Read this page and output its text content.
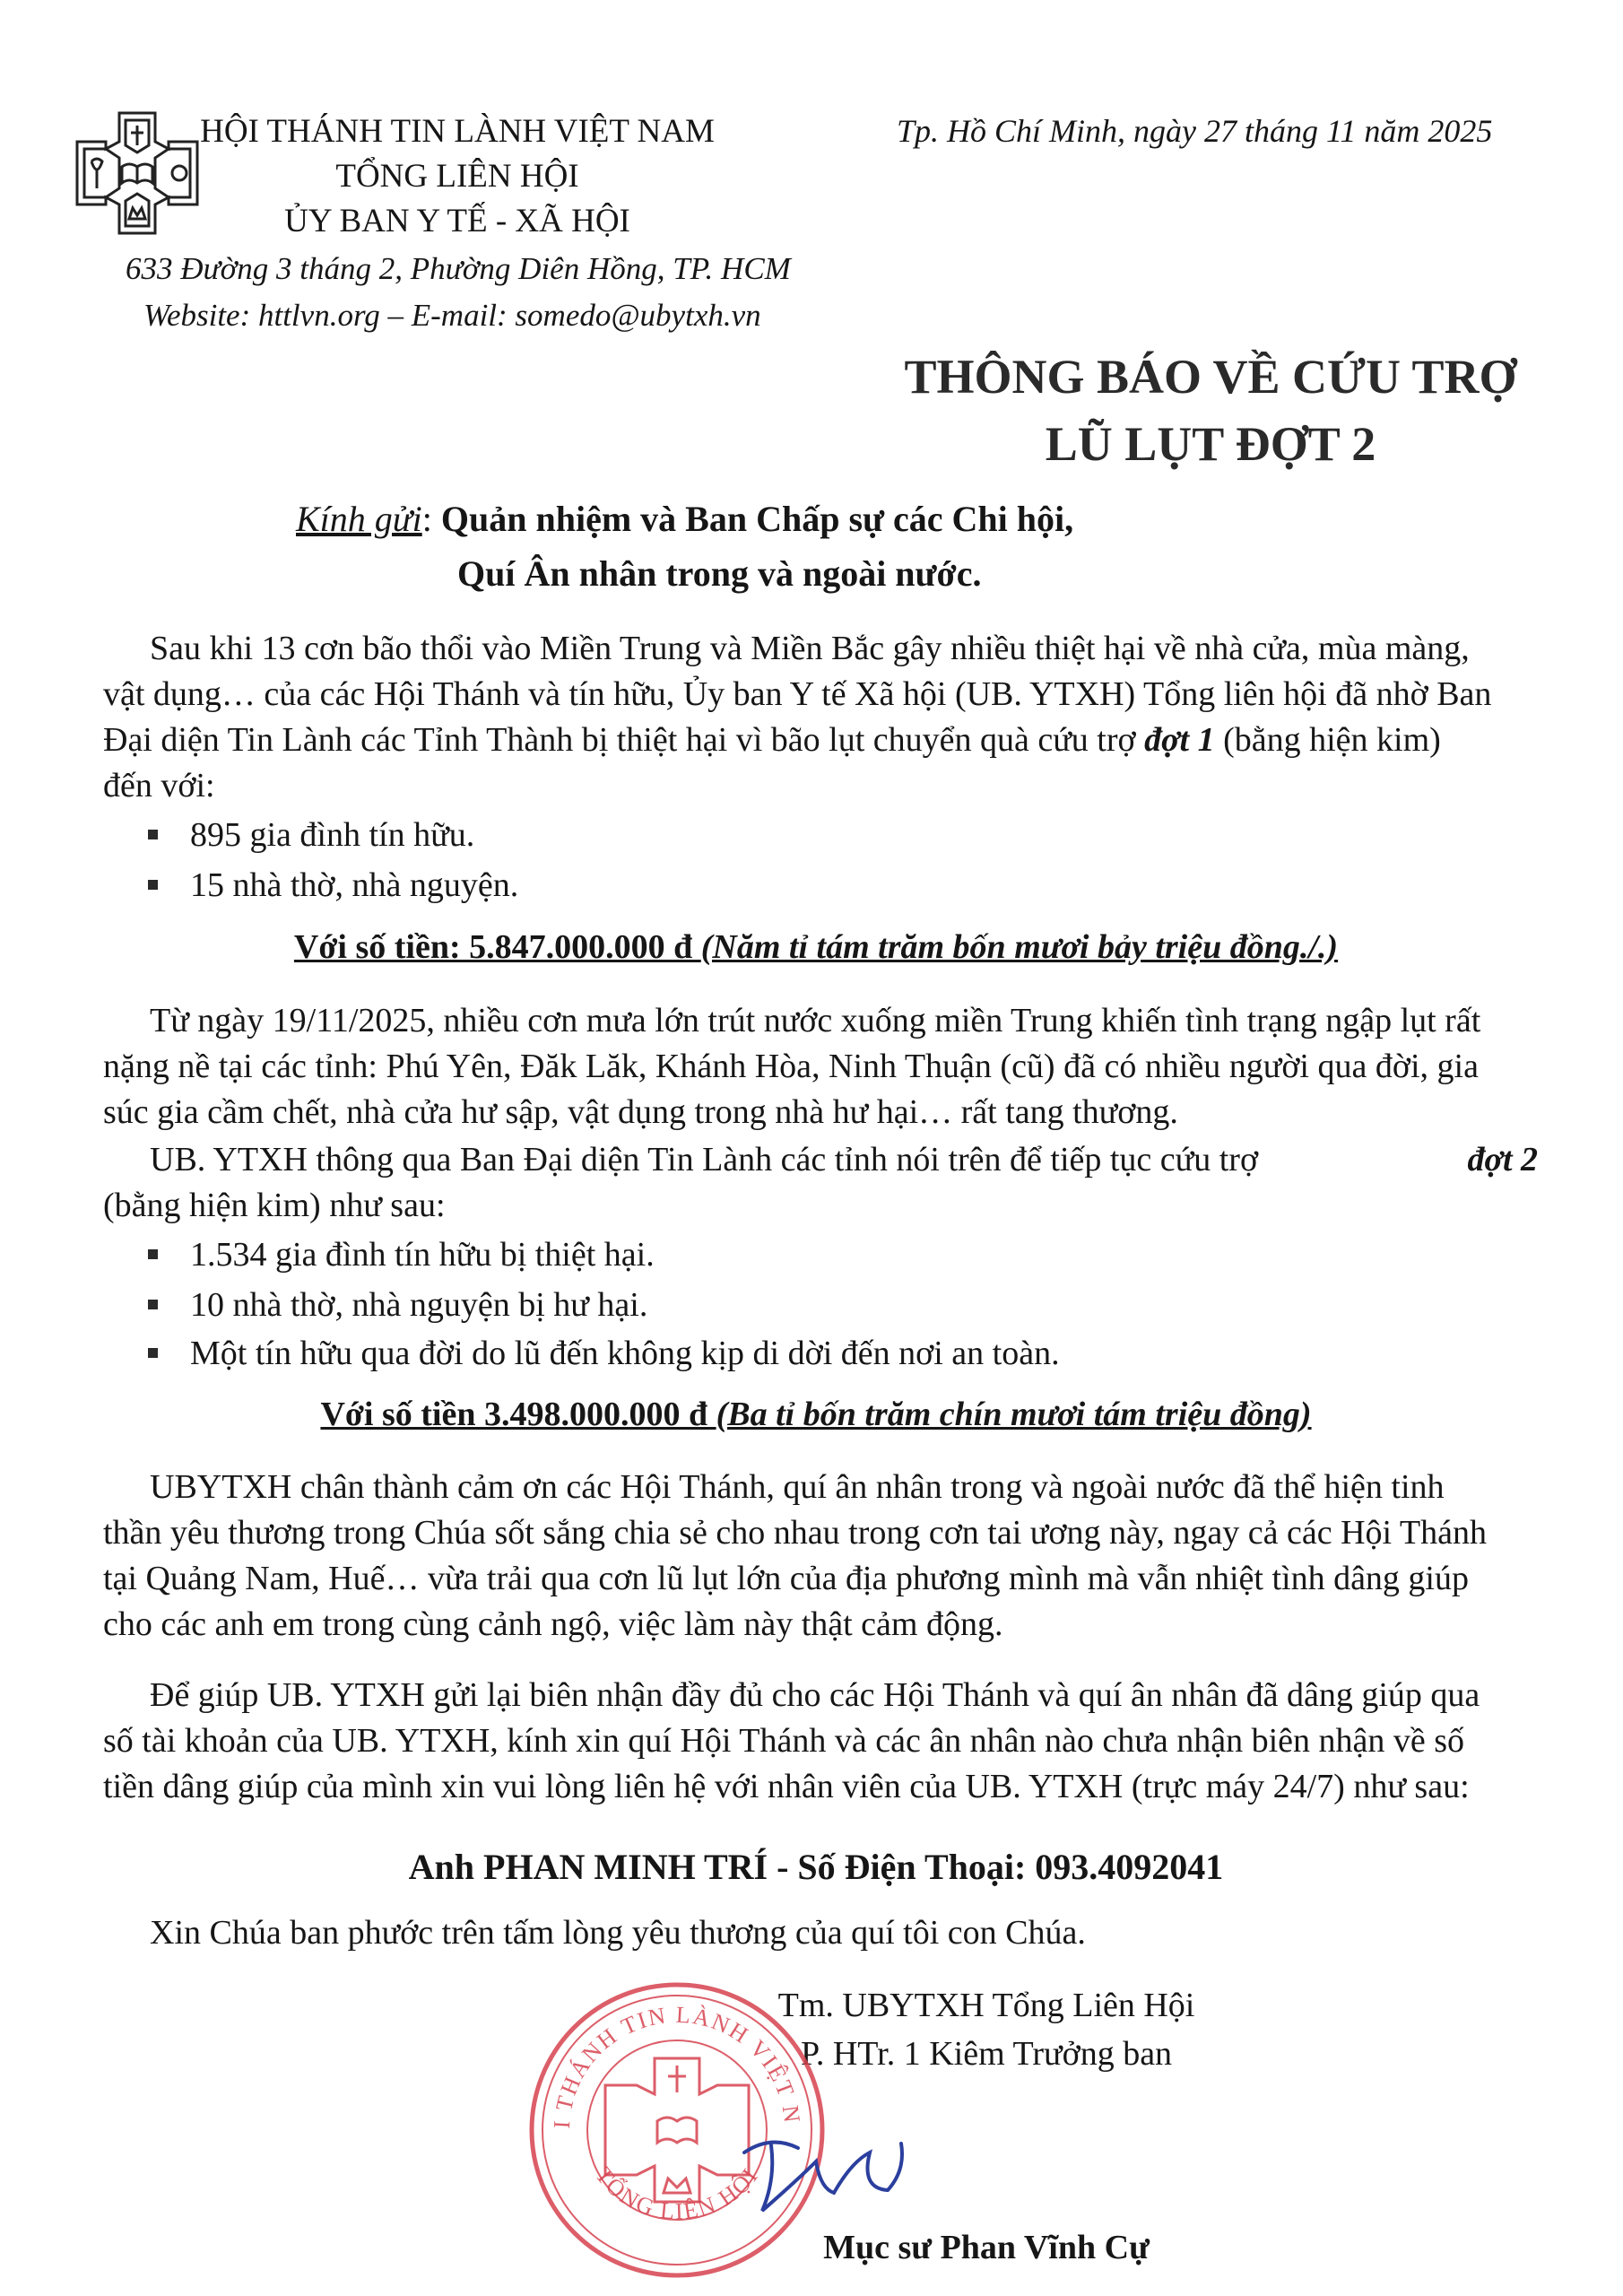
HỘI THÁNH TIN LÀNH VIỆT NAM
TỔNG LIÊN HỘI
ỦY BAN Y TẾ - XÃ HỘI
633 Đường 3 tháng 2, Phường Diên Hồng, TP. HCM
Website: httlvn.org – E-mail: somedo@ubytxh.vn
Tp. Hồ Chí Minh, ngày 27 tháng 11 năm 2025
THÔNG BÁO VỀ CỨU TRỢ
LŨ LỤT ĐỢT 2
Kính gửi: Quản nhiệm và Ban Chấp sự các Chi hội,
Quí Ân nhân trong và ngoài nước.
Sau khi 13 cơn bão thổi vào Miền Trung và Miền Bắc gây nhiều thiệt hại về nhà cửa, mùa màng,
vật dụng… của các Hội Thánh và tín hữu, Ủy ban Y tế Xã hội (UB. YTXH) Tổng liên hội đã nhờ Ban
Đại diện Tin Lành các Tỉnh Thành bị thiệt hại vì bão lụt chuyển quà cứu trợ đợt 1 (bằng hiện kim)
đến với:
895 gia đình tín hữu.
15 nhà thờ, nhà nguyện.
Với số tiền: 5.847.000.000 đ (Năm tỉ tám trăm bốn mươi bảy triệu đồng./.)
Từ ngày 19/11/2025, nhiều cơn mưa lớn trút nước xuống miền Trung khiến tình trạng ngập lụt rất
nặng nề tại các tỉnh: Phú Yên, Đăk Lăk, Khánh Hòa, Ninh Thuận (cũ) đã có nhiều người qua đời, gia
súc gia cầm chết, nhà cửa hư sập, vật dụng trong nhà hư hại… rất tang thương.
UB. YTXH thông qua Ban Đại diện Tin Lành các tỉnh nói trên để tiếp tục cứu trợ	đợt 2
(bằng hiện kim) như sau:
1.534 gia đình tín hữu bị thiệt hại.
10 nhà thờ, nhà nguyện bị hư hại.
Một tín hữu qua đời do lũ đến không kịp di dời đến nơi an toàn.
Với số tiền 3.498.000.000 đ (Ba tỉ bốn trăm chín mươi tám triệu đồng)
UBYTXH chân thành cảm ơn các Hội Thánh, quí ân nhân trong và ngoài nước đã thể hiện tinh
thần yêu thương trong Chúa sốt sắng chia sẻ cho nhau trong cơn tai ương này, ngay cả các Hội Thánh
tại Quảng Nam, Huế… vừa trải qua cơn lũ lụt lớn của địa phương mình mà vẫn nhiệt tình dâng giúp
cho các anh em trong cùng cảnh ngộ, việc làm này thật cảm động.
Để giúp UB. YTXH gửi lại biên nhận đầy đủ cho các Hội Thánh và quí ân nhân đã dâng giúp qua
số tài khoản của UB. YTXH, kính xin quí Hội Thánh và các ân nhân nào chưa nhận biên nhận về số
tiền dâng giúp của mình xin vui lòng liên hệ với nhân viên của UB. YTXH (trực máy 24/7) như sau:
Anh PHAN MINH TRÍ - Số Điện Thoại: 093.4092041
Xin Chúa ban phước trên tấm lòng yêu thương của quí tôi con Chúa.
Tm. UBYTXH Tổng Liên Hội
P. HTr. 1 Kiêm Trưởng ban
I THÁNH TIN LÀNH VIỆT N
TỔNG LIÊN HỘI
Mục sư Phan Vĩnh Cự
